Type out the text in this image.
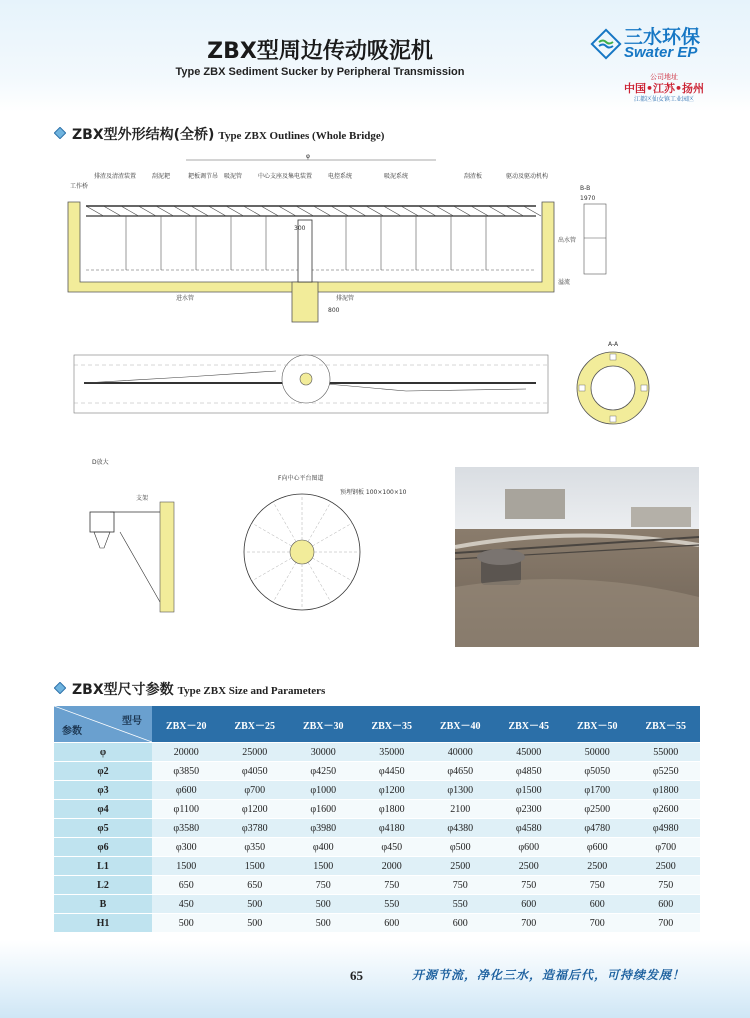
ZBX型周边传动吸泥机
Type ZBX Sediment Sucker by Peripheral Transmission
三水环保
Swater EP
公司地址
中国•江苏•扬州
江都区仙女镇工业园区
ZBX型外形结构(全桥) Type ZBX Outlines (Whole Bridge)
φ
工作桥
排渣及清渣装置	刮泥耙	耙板调节吊 吸泥管	中心支座及集电装置	电控系统	吸泥系统	刮渣板	驱动及驱动机构
进水管	排泥管
出水管
溢流
B-B
1970
800
300
A-A
D放大
支架
F向中心平台图道
预埋钢板 100×100×10
ZBX型尺寸参数 Type ZBX Size and Parameters
型号
参数	ZBX－20	ZBX－25	ZBX－30	ZBX－35	ZBX－40	ZBX－45	ZBX－50	ZBX－55
φ	20000	25000	30000	35000	40000	45000	50000	55000
φ2	φ3850	φ4050	φ4250	φ4450	φ4650	φ4850	φ5050	φ5250
φ3	φ600	φ700	φ1000	φ1200	φ1300	φ1500	φ1700	φ1800
φ4	φ1100	φ1200	φ1600	φ1800	2100	φ2300	φ2500	φ2600
φ5	φ3580	φ3780	φ3980	φ4180	φ4380	φ4580	φ4780	φ4980
φ6	φ300	φ350	φ400	φ450	φ500	φ600	φ600	φ700
L1	1500	1500	1500	2000	2500	2500	2500	2500
L2	650	650	750	750	750	750	750	750
B	450	500	500	550	550	600	600	600
H1	500	500	500	600	600	700	700	700
65	开源节流，净化三水，造福后代，可持续发展！
